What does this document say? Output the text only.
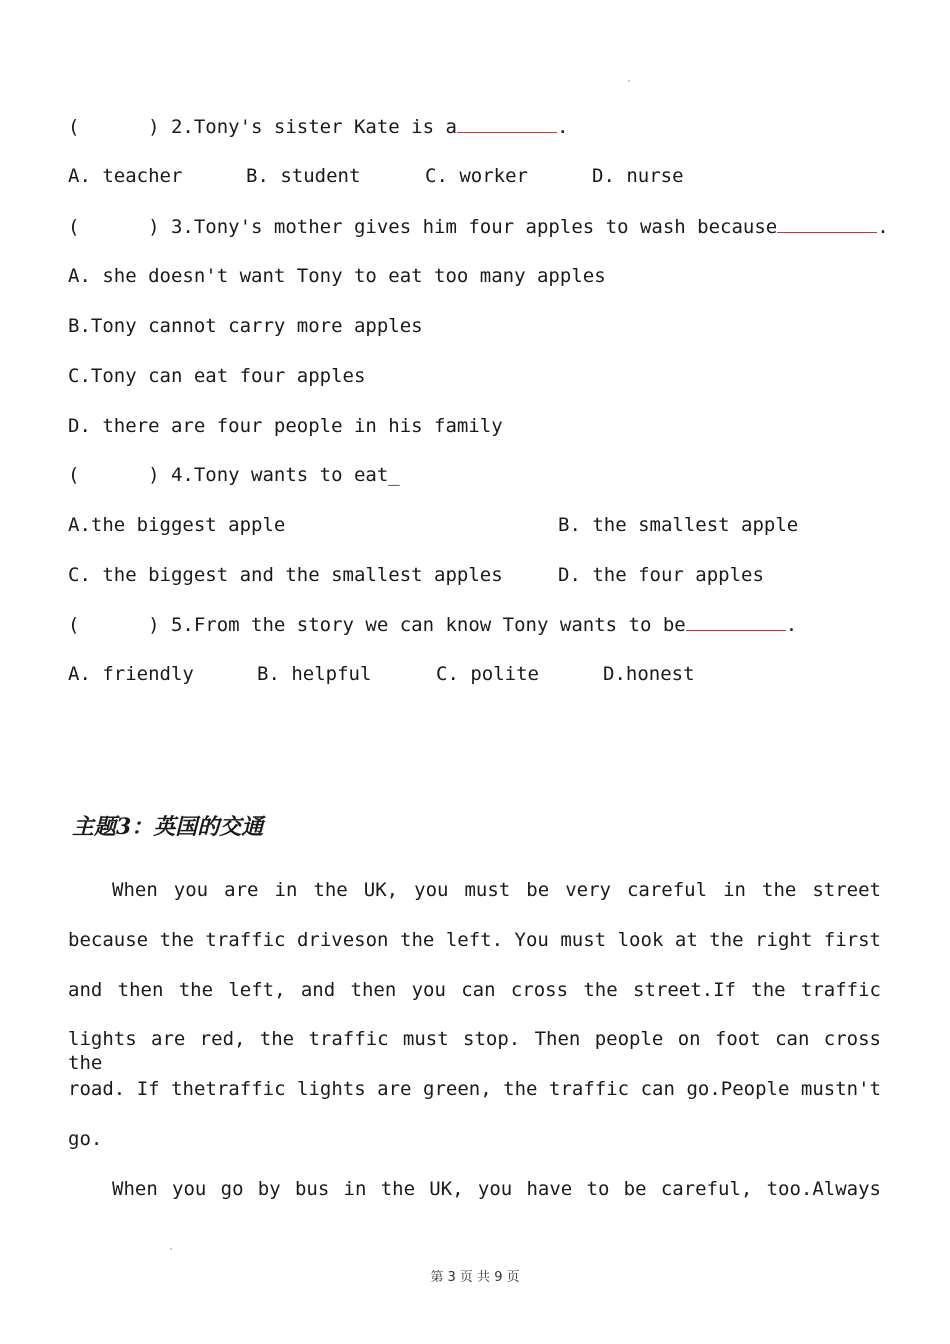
(      ) 2.Tony's sister Kate is a	.
A. teacher	B. student	C. worker	D. nurse
(      ) 3.Tony's mother gives him four apples to wash because	.
A. she doesn't want Tony to eat too many apples
B.Tony cannot carry more apples
C.Tony can eat four apples
D. there are four people in his family
(      ) 4.Tony wants to eat_
A.the biggest apple	B. the smallest apple
C. the biggest and the smallest apples	D. the four apples
(      ) 5.From the story we can know Tony wants to be	.
A. friendly	B. helpful	C. polite	D.honest
主题3：英国的交通
When you are in the UK, you must be very careful in the street
because the traffic driveson the left. You must look at the right first
and then the left, and then you can cross the street.If the traffic
lights are red, the traffic must stop. Then people on foot can cross the
road. If thetraffic lights are green, the traffic can go.People mustn't
go.
When you go by bus in the UK, you have to be careful, too.Always
第 3 页 共 9 页
